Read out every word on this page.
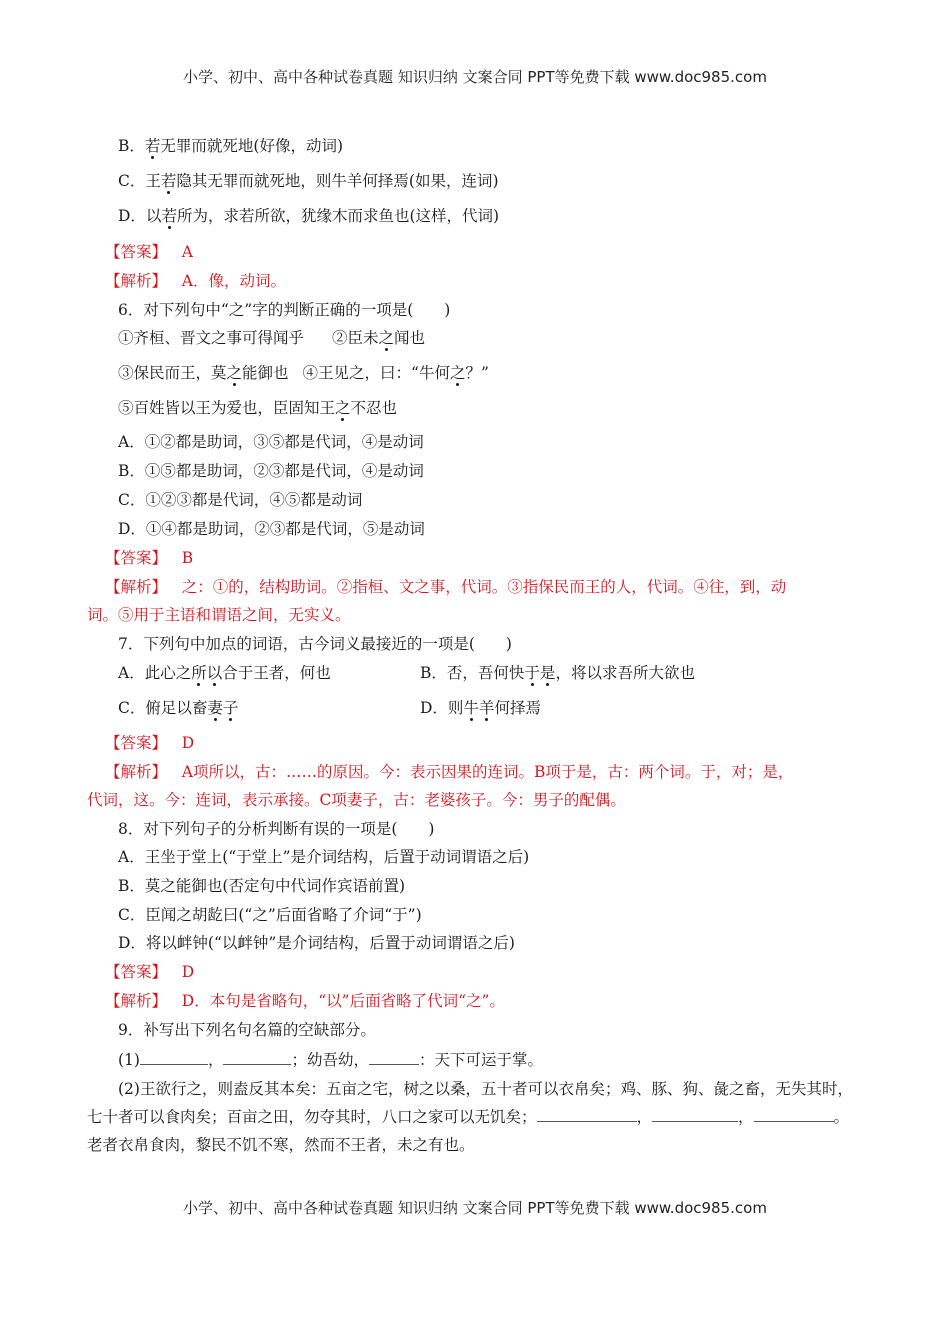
小学、初中、高中各种试卷真题 知识归纳 文案合同 PPT等免费下载 www.doc985.com
B．若无罪而就死地(好像，动词)
C．王若隐其无罪而就死地，则牛羊何择焉(如果，连词)
D．以若所为，求若所欲，犹缘木而求鱼也(这样，代词)
【答案】 A
【解析】 A．像，动词。
6．对下列句中“之”字的判断正确的一项是(　　)
①齐桓、晋文之事可得闻乎 ②臣未之闻也
③保民而王，莫之能御也 ④王见之，曰：“牛何之？”
⑤百姓皆以王为爱也，臣固知王之不忍也
A．①②都是助词，③⑤都是代词，④是动词
B．①⑤都是助词，②③都是代词，④是动词
C．①②③都是代词，④⑤都是动词
D．①④都是助词，②③都是代词，⑤是动词
【答案】 B
【解析】 之：①的，结构助词。②指桓、文之事，代词。③指保民而王的人，代词。④往，到，动
词。⑤用于主语和谓语之间，无实义。
7．下列句中加点的词语，古今词义最接近的一项是(　　)
A．此心之所以合于王者，何也	B．否，吾何快于是，将以求吾所大欲也
C．俯足以畜妻子	D．则牛羊何择焉
【答案】 D
【解析】 A项所以，古：……的原因。今：表示因果的连词。B项于是，古：两个词。于，对；是，
代词，这。今：连词，表示承接。C项妻子，古：老婆孩子。今：男子的配偶。
8．对下列句子的分析判断有误的一项是(　　)
A．王坐于堂上(“于堂上”是介词结构，后置于动词谓语之后)
B．莫之能御也(否定句中代词作宾语前置)
C．臣闻之胡龁曰(“之”后面省略了介词“于”)
D．将以衅钟(“以衅钟”是介词结构，后置于动词谓语之后)
【答案】 D
【解析】 D．本句是省略句，“以”后面省略了代词“之”。
9．补写出下列名句名篇的空缺部分。
(1)	，	；幼吾幼，	：天下可运于掌。
(2)王欲行之，则盍反其本矣：五亩之宅，树之以桑，五十者可以衣帛矣；鸡、豚、狗、彘之畜，无失其时，七十者可以食肉矣；百亩之田，勿夺其时，八口之家可以无饥矣；	，	，	。老者衣帛食肉，黎民不饥不寒，然而不王者，未之有也。
小学、初中、高中各种试卷真题 知识归纳 文案合同 PPT等免费下载 www.doc985.com
